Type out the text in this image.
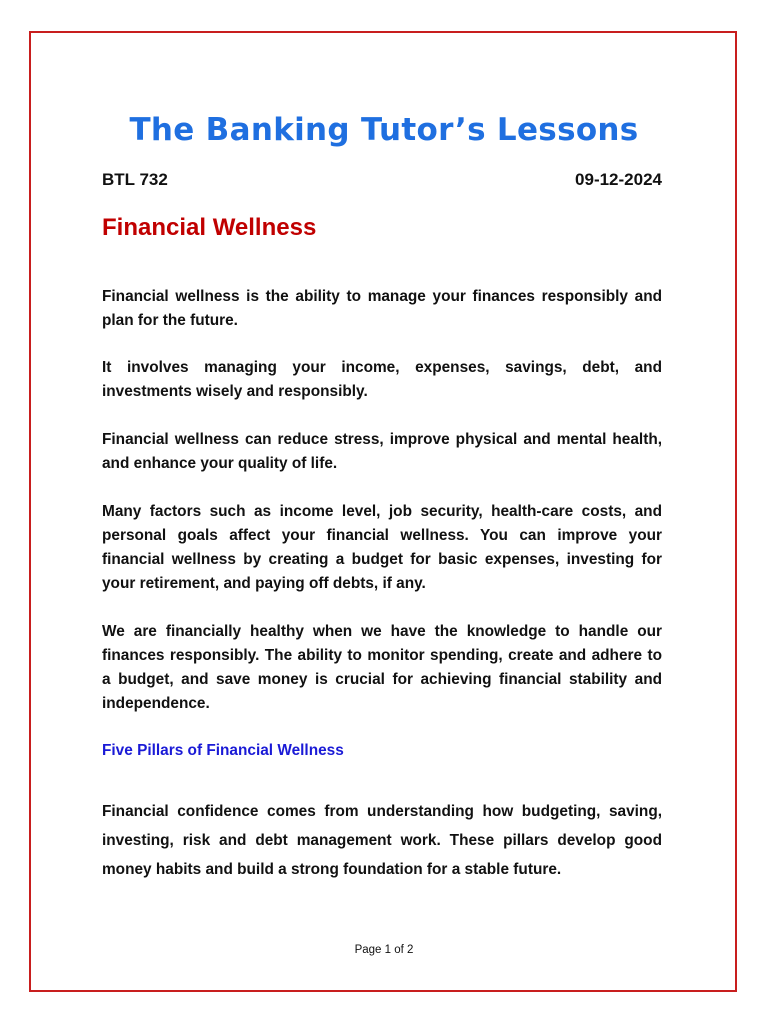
The Banking Tutor’s Lessons
BTL 732	09-12-2024
Financial Wellness

Financial wellness is the ability to manage your finances responsibly and plan for the future.

It involves managing your income, expenses, savings, debt, and investments wisely and responsibly.

Financial wellness can reduce stress, improve physical and mental health, and enhance your quality of life.

Many factors such as income level, job security, health-care costs, and personal goals affect your financial wellness. You can improve your financial wellness by creating a budget for basic expenses, investing for your retirement, and paying off debts, if any.

We are financially healthy when we have the knowledge to handle our finances responsibly. The ability to monitor spending, create and adhere to a budget, and save money is crucial for achieving financial stability and independence.

Five Pillars of Financial Wellness

Financial confidence comes from understanding how budgeting, saving, investing, risk and debt management work. These pillars develop good money habits and build a strong foundation for a stable future.

Page 1 of 2
